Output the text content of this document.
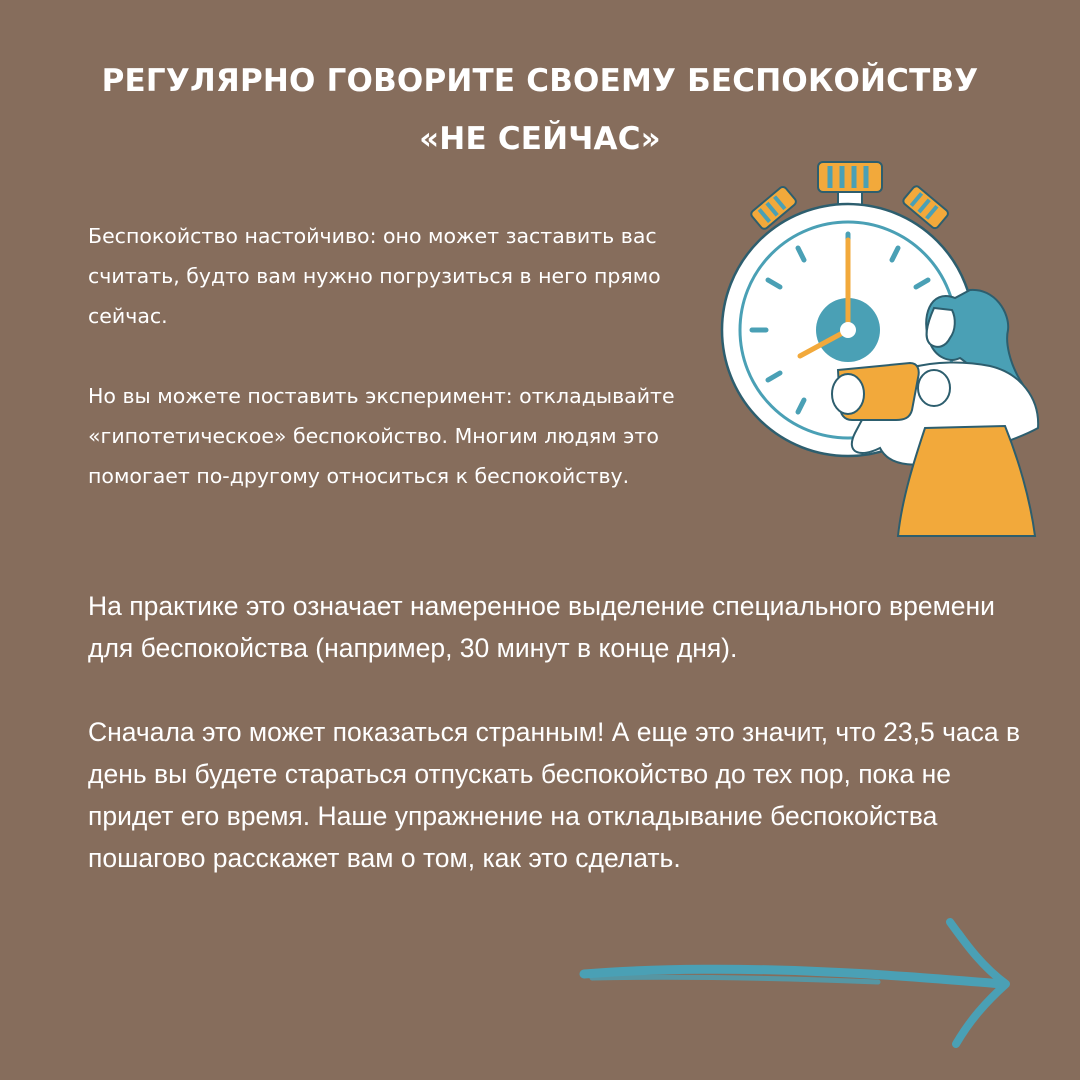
РЕГУЛЯРНО ГОВОРИТЕ СВОЕМУ БЕСПОКОЙСТВУ
«НЕ СЕЙЧАС»

Беспокойство настойчиво: оно может заставить вас считать, будто вам нужно погрузиться в него прямо сейчас.

Но вы можете поставить эксперимент: откладывайте «гипотетическое» беспокойство. Многим людям это помогает по-другому относиться к беспокойству.

На практике это означает намеренное выделение специального времени для беспокойства (например, 30 минут в конце дня).

Сначала это может показаться странным! А еще это значит, что 23,5 часа в день вы будете стараться отпускать беспокойство до тех пор, пока не придет его время. Наше упражнение на откладывание беспокойства пошагово расскажет вам о том, как это сделать.
